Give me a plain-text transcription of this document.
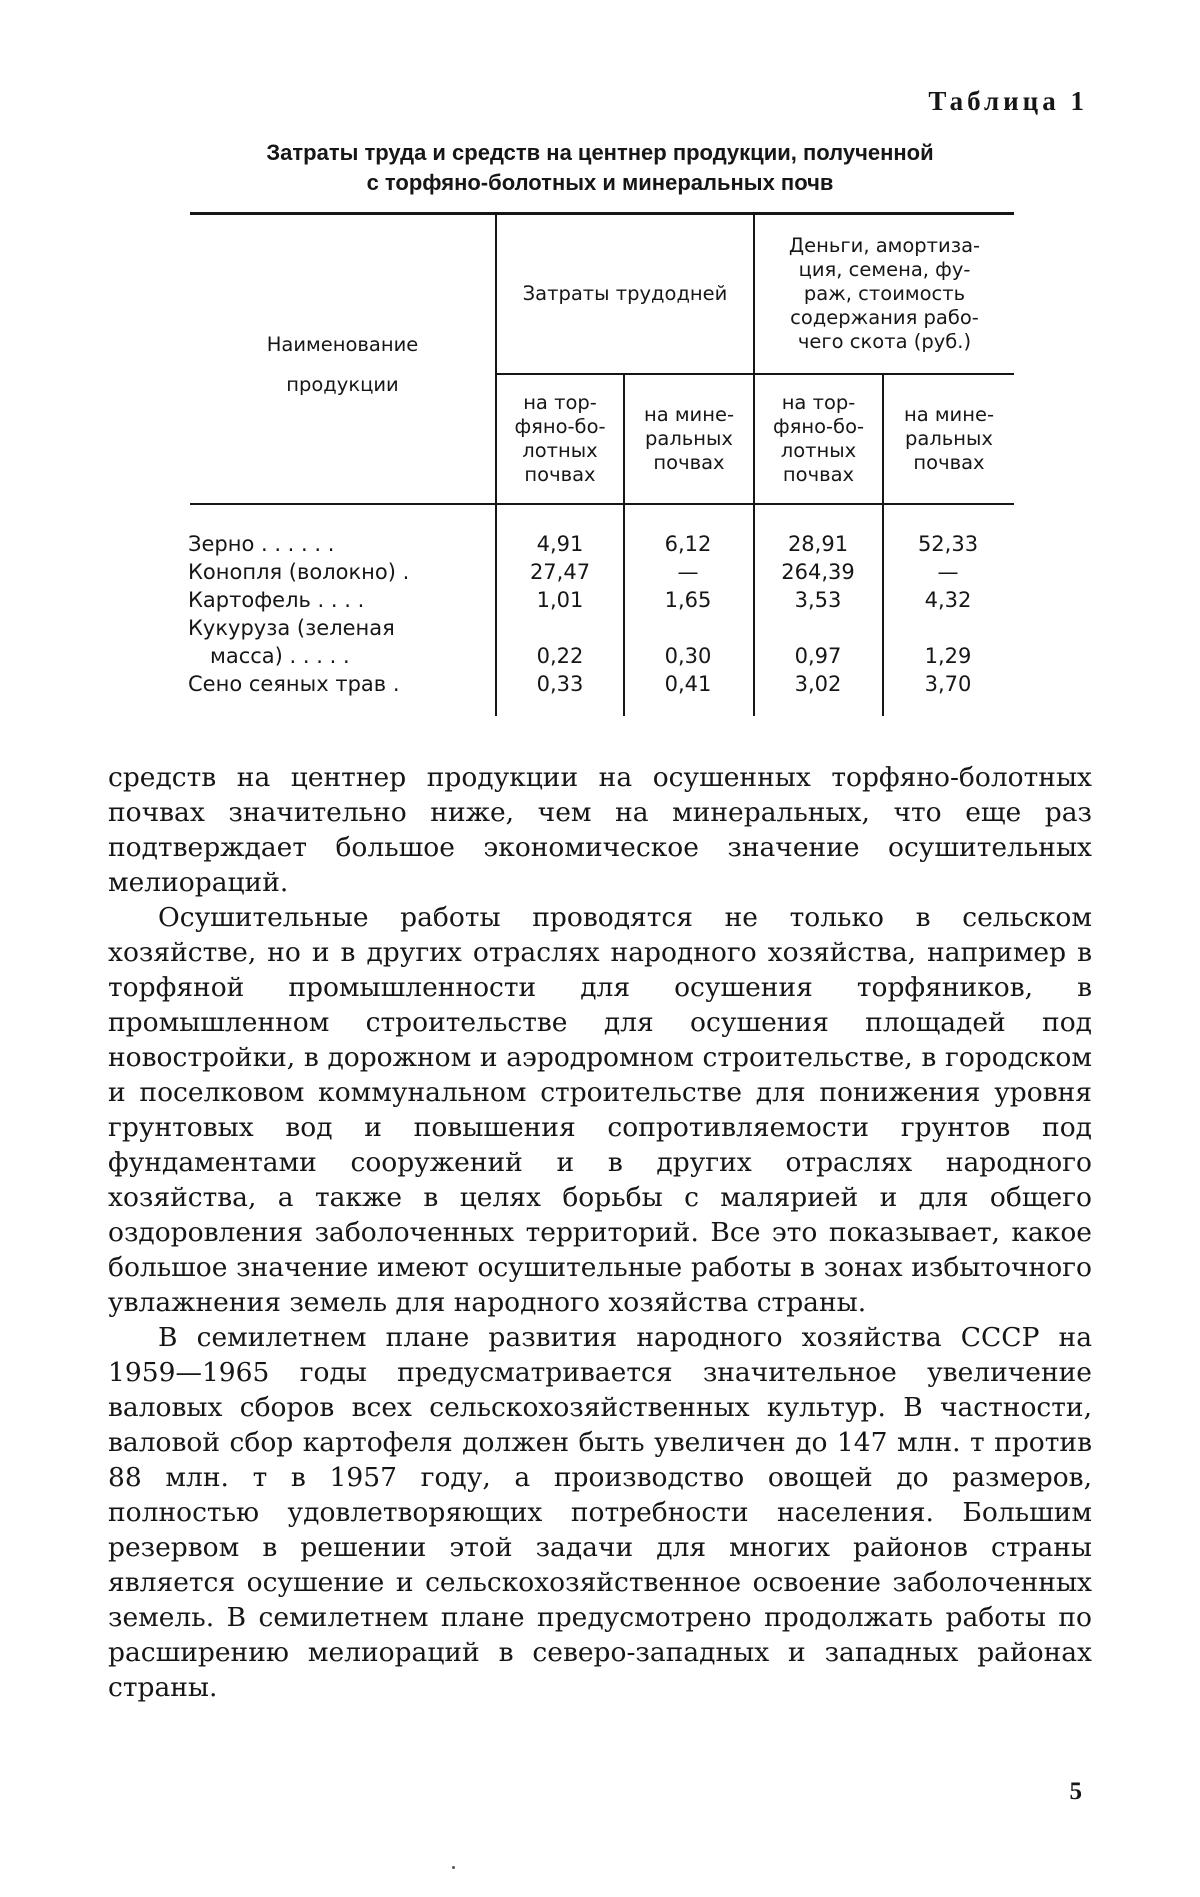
Таблица 1
Затраты труда и средств на центнер продукции, полученной
с торфяно-болотных и минеральных почв
Наименование
продукции
Затраты трудодней
Деньги, амортиза-
ция, семена, фу-
раж, стоимость
содержания рабо-
чего скота (руб.)
на тор-
фяно-бо-
лотных
почвах
на мине-
ральных
почвах
на тор-
фяно-бо-
лотных
почвах
на мине-
ральных
почвах
Зерно . . . . . .
Конопля (волокно) .
Картофель . . . .
Кукуруза (зеленая
масса) . . . . .
Сено сеяных трав .
4,91	6,12	28,91	52,33
27,47	—	264,39	—
1,01	1,65	3,53	4,32
0,22	0,30	0,97	1,29
0,33	0,41	3,02	3,70

средств на центнер продукции на осушенных торфяно-болотных почвах значительно ниже, чем на минеральных, что еще раз подтверждает большое экономическое значение осушительных мелиораций.

Осушительные работы проводятся не только в сельском хозяйстве, но и в других отраслях народного хозяйства, например в торфяной промышленности для осушения торфяников, в промышленном строительстве для осушения площадей под новостройки, в дорожном и аэродромном строительстве, в городском и поселковом коммунальном строительстве для понижения уровня грунтовых вод и повышения сопротивляемости грунтов под фундаментами сооружений и в других отраслях народного хозяйства, а также в целях борьбы с малярией и для общего оздоровления заболоченных территорий. Все это показывает, какое большое значение имеют осушительные работы в зонах избыточного увлажнения земель для народного хозяйства страны.

В семилетнем плане развития народного хозяйства СССР на 1959—1965 годы предусматривается значительное увеличение валовых сборов всех сельскохозяйственных культур. В частности, валовой сбор картофеля должен быть увеличен до 147 млн. т против 88 млн. т в 1957 году, а производство овощей до размеров, полностью удовлетворяющих потребности населения. Большим резервом в решении этой задачи для многих районов страны является осушение и сельскохозяйственное освоение заболоченных земель. В семилетнем плане предусмотрено продолжать работы по расширению мелиораций в северо-западных и западных районах страны.

5
